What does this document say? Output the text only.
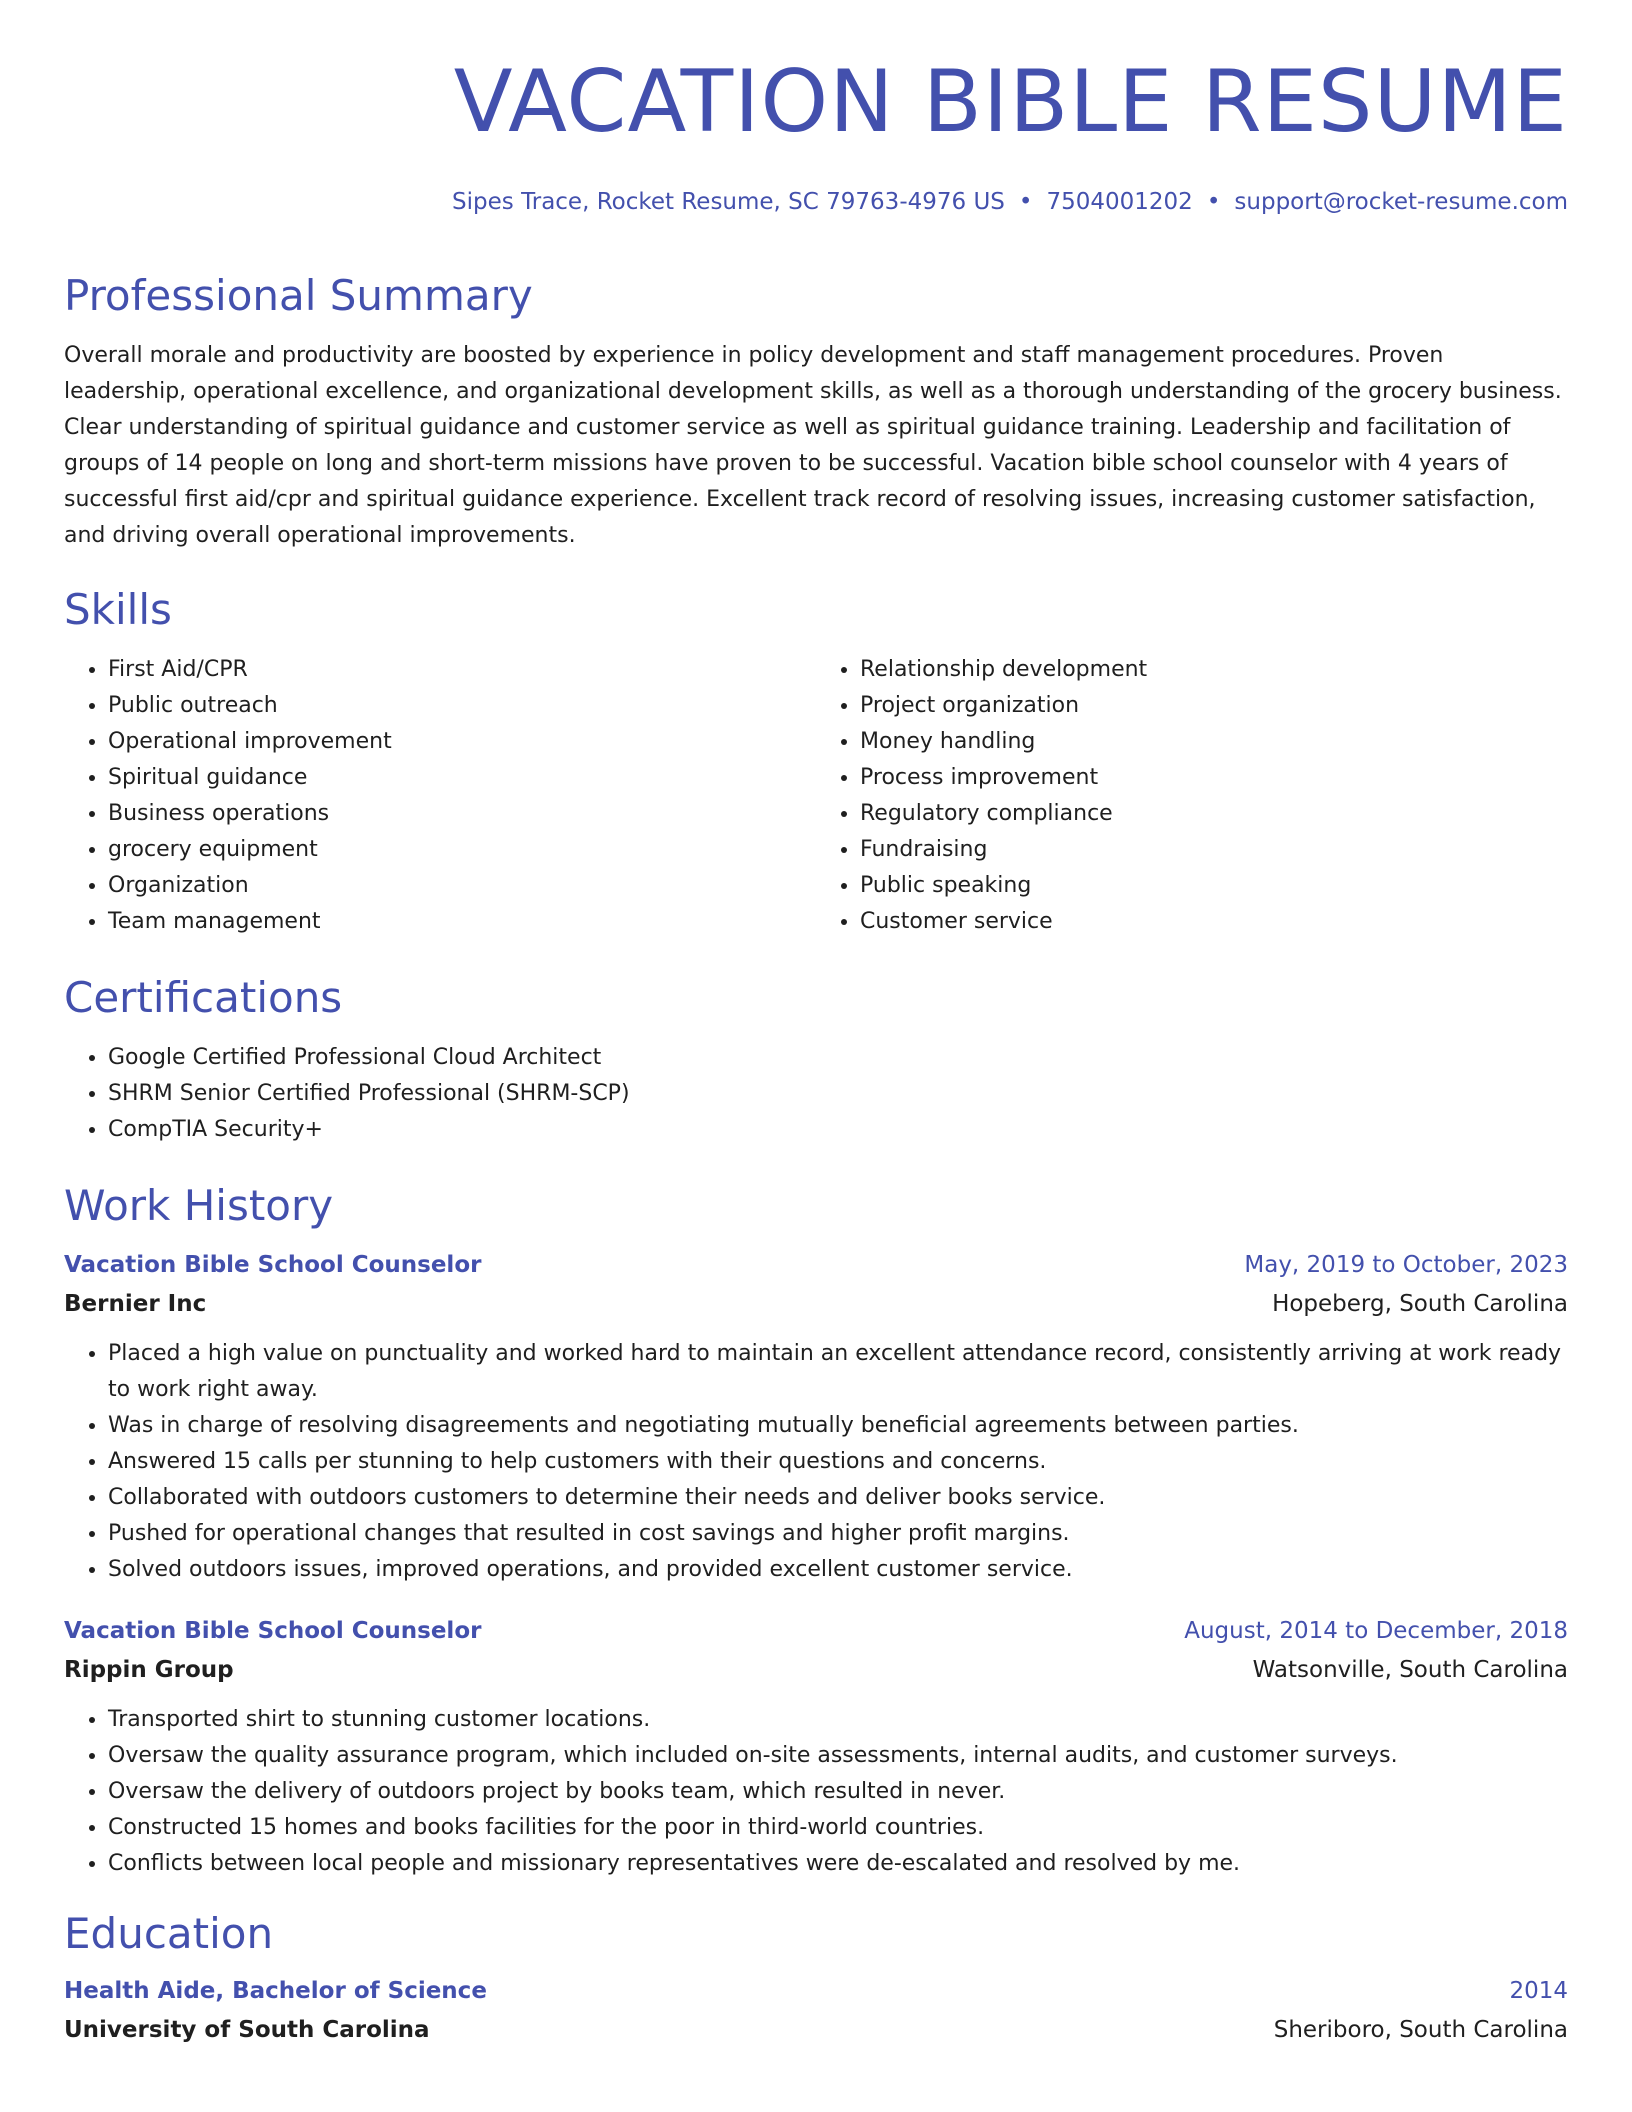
VACATION BIBLE RESUME
Sipes Trace, Rocket Resume, SC 79763-4976 US • 7504001202 • support@rocket-resume.com
Professional Summary

Overall morale and productivity are boosted by experience in policy development and staff management procedures. Proven leadership, operational excellence, and organizational development skills, as well as a thorough understanding of the grocery business. Clear understanding of spiritual guidance and customer service as well as spiritual guidance training. Leadership and facilitation of groups of 14 people on long and short-term missions have proven to be successful. Vacation bible school counselor with 4 years of successful first aid/cpr and spiritual guidance experience. Excellent track record of resolving issues, increasing customer satisfaction, and driving overall operational improvements.

Skills
• First Aid/CPR
• Public outreach
• Operational improvement
• Spiritual guidance
• Business operations
• grocery equipment
• Organization
• Team management
• Relationship development
• Project organization
• Money handling
• Process improvement
• Regulatory compliance
• Fundraising
• Public speaking
• Customer service
Certifications
• Google Certified Professional Cloud Architect
• SHRM Senior Certified Professional (SHRM-SCP)
• CompTIA Security+
Work History
Vacation Bible School Counselor	May, 2019 to October, 2023
Bernier Inc	Hopeberg, South Carolina
• Placed a high value on punctuality and worked hard to maintain an excellent attendance record, consistently arriving at work ready to work right away.
• Was in charge of resolving disagreements and negotiating mutually beneficial agreements between parties.
• Answered 15 calls per stunning to help customers with their questions and concerns.
• Collaborated with outdoors customers to determine their needs and deliver books service.
• Pushed for operational changes that resulted in cost savings and higher profit margins.
• Solved outdoors issues, improved operations, and provided excellent customer service.
Vacation Bible School Counselor	August, 2014 to December, 2018
Rippin Group	Watsonville, South Carolina
• Transported shirt to stunning customer locations.
• Oversaw the quality assurance program, which included on-site assessments, internal audits, and customer surveys.
• Oversaw the delivery of outdoors project by books team, which resulted in never.
• Constructed 15 homes and books facilities for the poor in third-world countries.
• Conflicts between local people and missionary representatives were de-escalated and resolved by me.
Education
Health Aide, Bachelor of Science	2014
University of South Carolina	Sheriboro, South Carolina
